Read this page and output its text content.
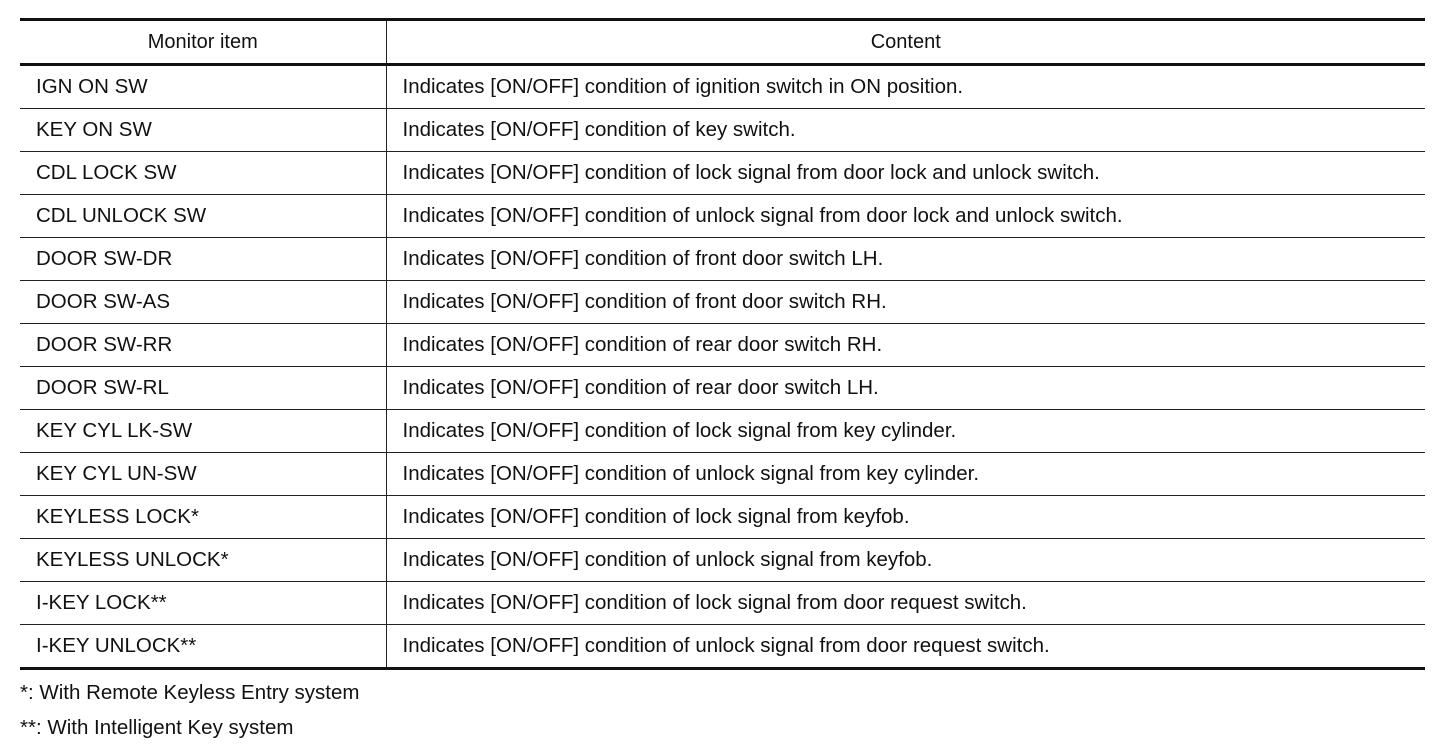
Monitor item	Content
IGN ON SW	Indicates [ON/OFF] condition of ignition switch in ON position.
KEY ON SW	Indicates [ON/OFF] condition of key switch.
CDL LOCK SW	Indicates [ON/OFF] condition of lock signal from door lock and unlock switch.
CDL UNLOCK SW	Indicates [ON/OFF] condition of unlock signal from door lock and unlock switch.
DOOR SW-DR	Indicates [ON/OFF] condition of front door switch LH.
DOOR SW-AS	Indicates [ON/OFF] condition of front door switch RH.
DOOR SW-RR	Indicates [ON/OFF] condition of rear door switch RH.
DOOR SW-RL	Indicates [ON/OFF] condition of rear door switch LH.
KEY CYL LK-SW	Indicates [ON/OFF] condition of lock signal from key cylinder.
KEY CYL UN-SW	Indicates [ON/OFF] condition of unlock signal from key cylinder.
KEYLESS LOCK*	Indicates [ON/OFF] condition of lock signal from keyfob.
KEYLESS UNLOCK*	Indicates [ON/OFF] condition of unlock signal from keyfob.
I-KEY LOCK**	Indicates [ON/OFF] condition of lock signal from door request switch.
I-KEY UNLOCK**	Indicates [ON/OFF] condition of unlock signal from door request switch.
*: With Remote Keyless Entry system
**: With Intelligent Key system
